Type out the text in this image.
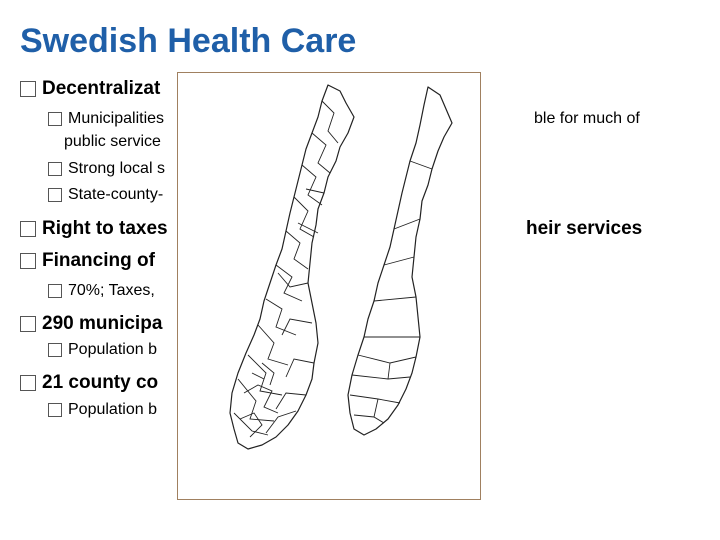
Swedish Health Care
Decentralizat
Municipalities	ble for much of
public service
Strong local s
State-county-
Right to taxes	heir services
Financing of
70%; Taxes,
290 municipa
Population b
21 county co
Population b
